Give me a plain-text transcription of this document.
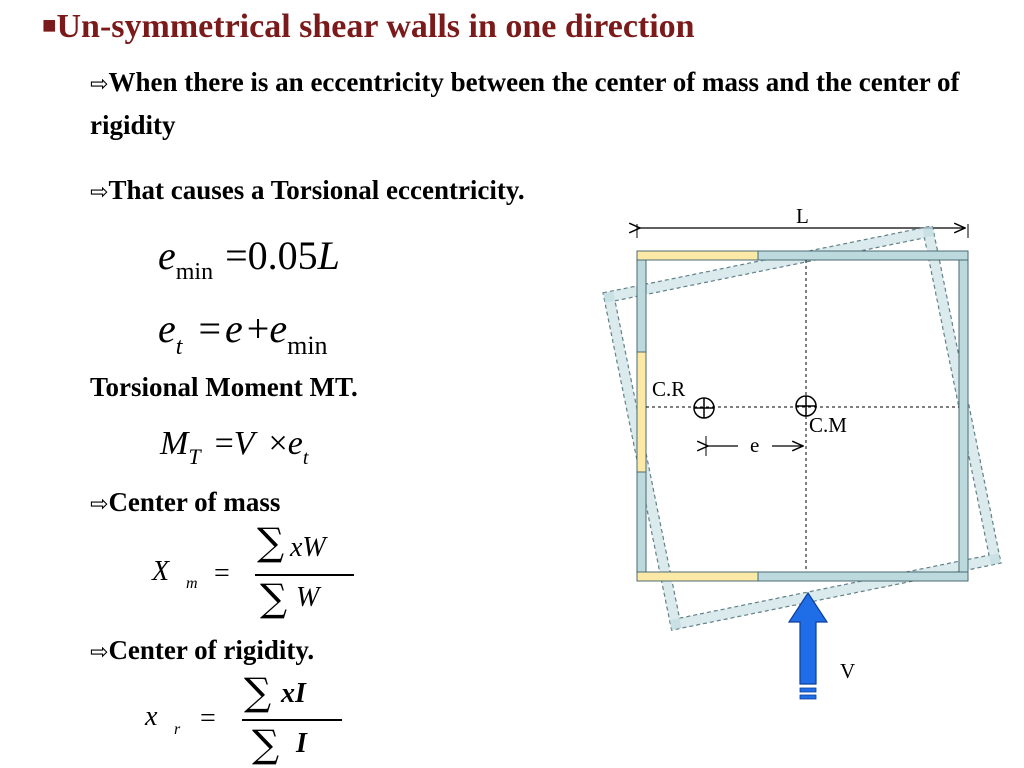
■Un-symmetrical shear walls in one direction
⇨When there is an eccentricity between the center of mass and the center of rigidity
⇨That causes a Torsional eccentricity.
emin =0.05L
et = e +emin
Torsional Moment MT.
MT =V ×et
⇨Center of mass
X m =
∑ xW
∑ W
⇨Center of rigidity.
x r =
∑ xI
∑ I
L
C.R
C.M
e
V
